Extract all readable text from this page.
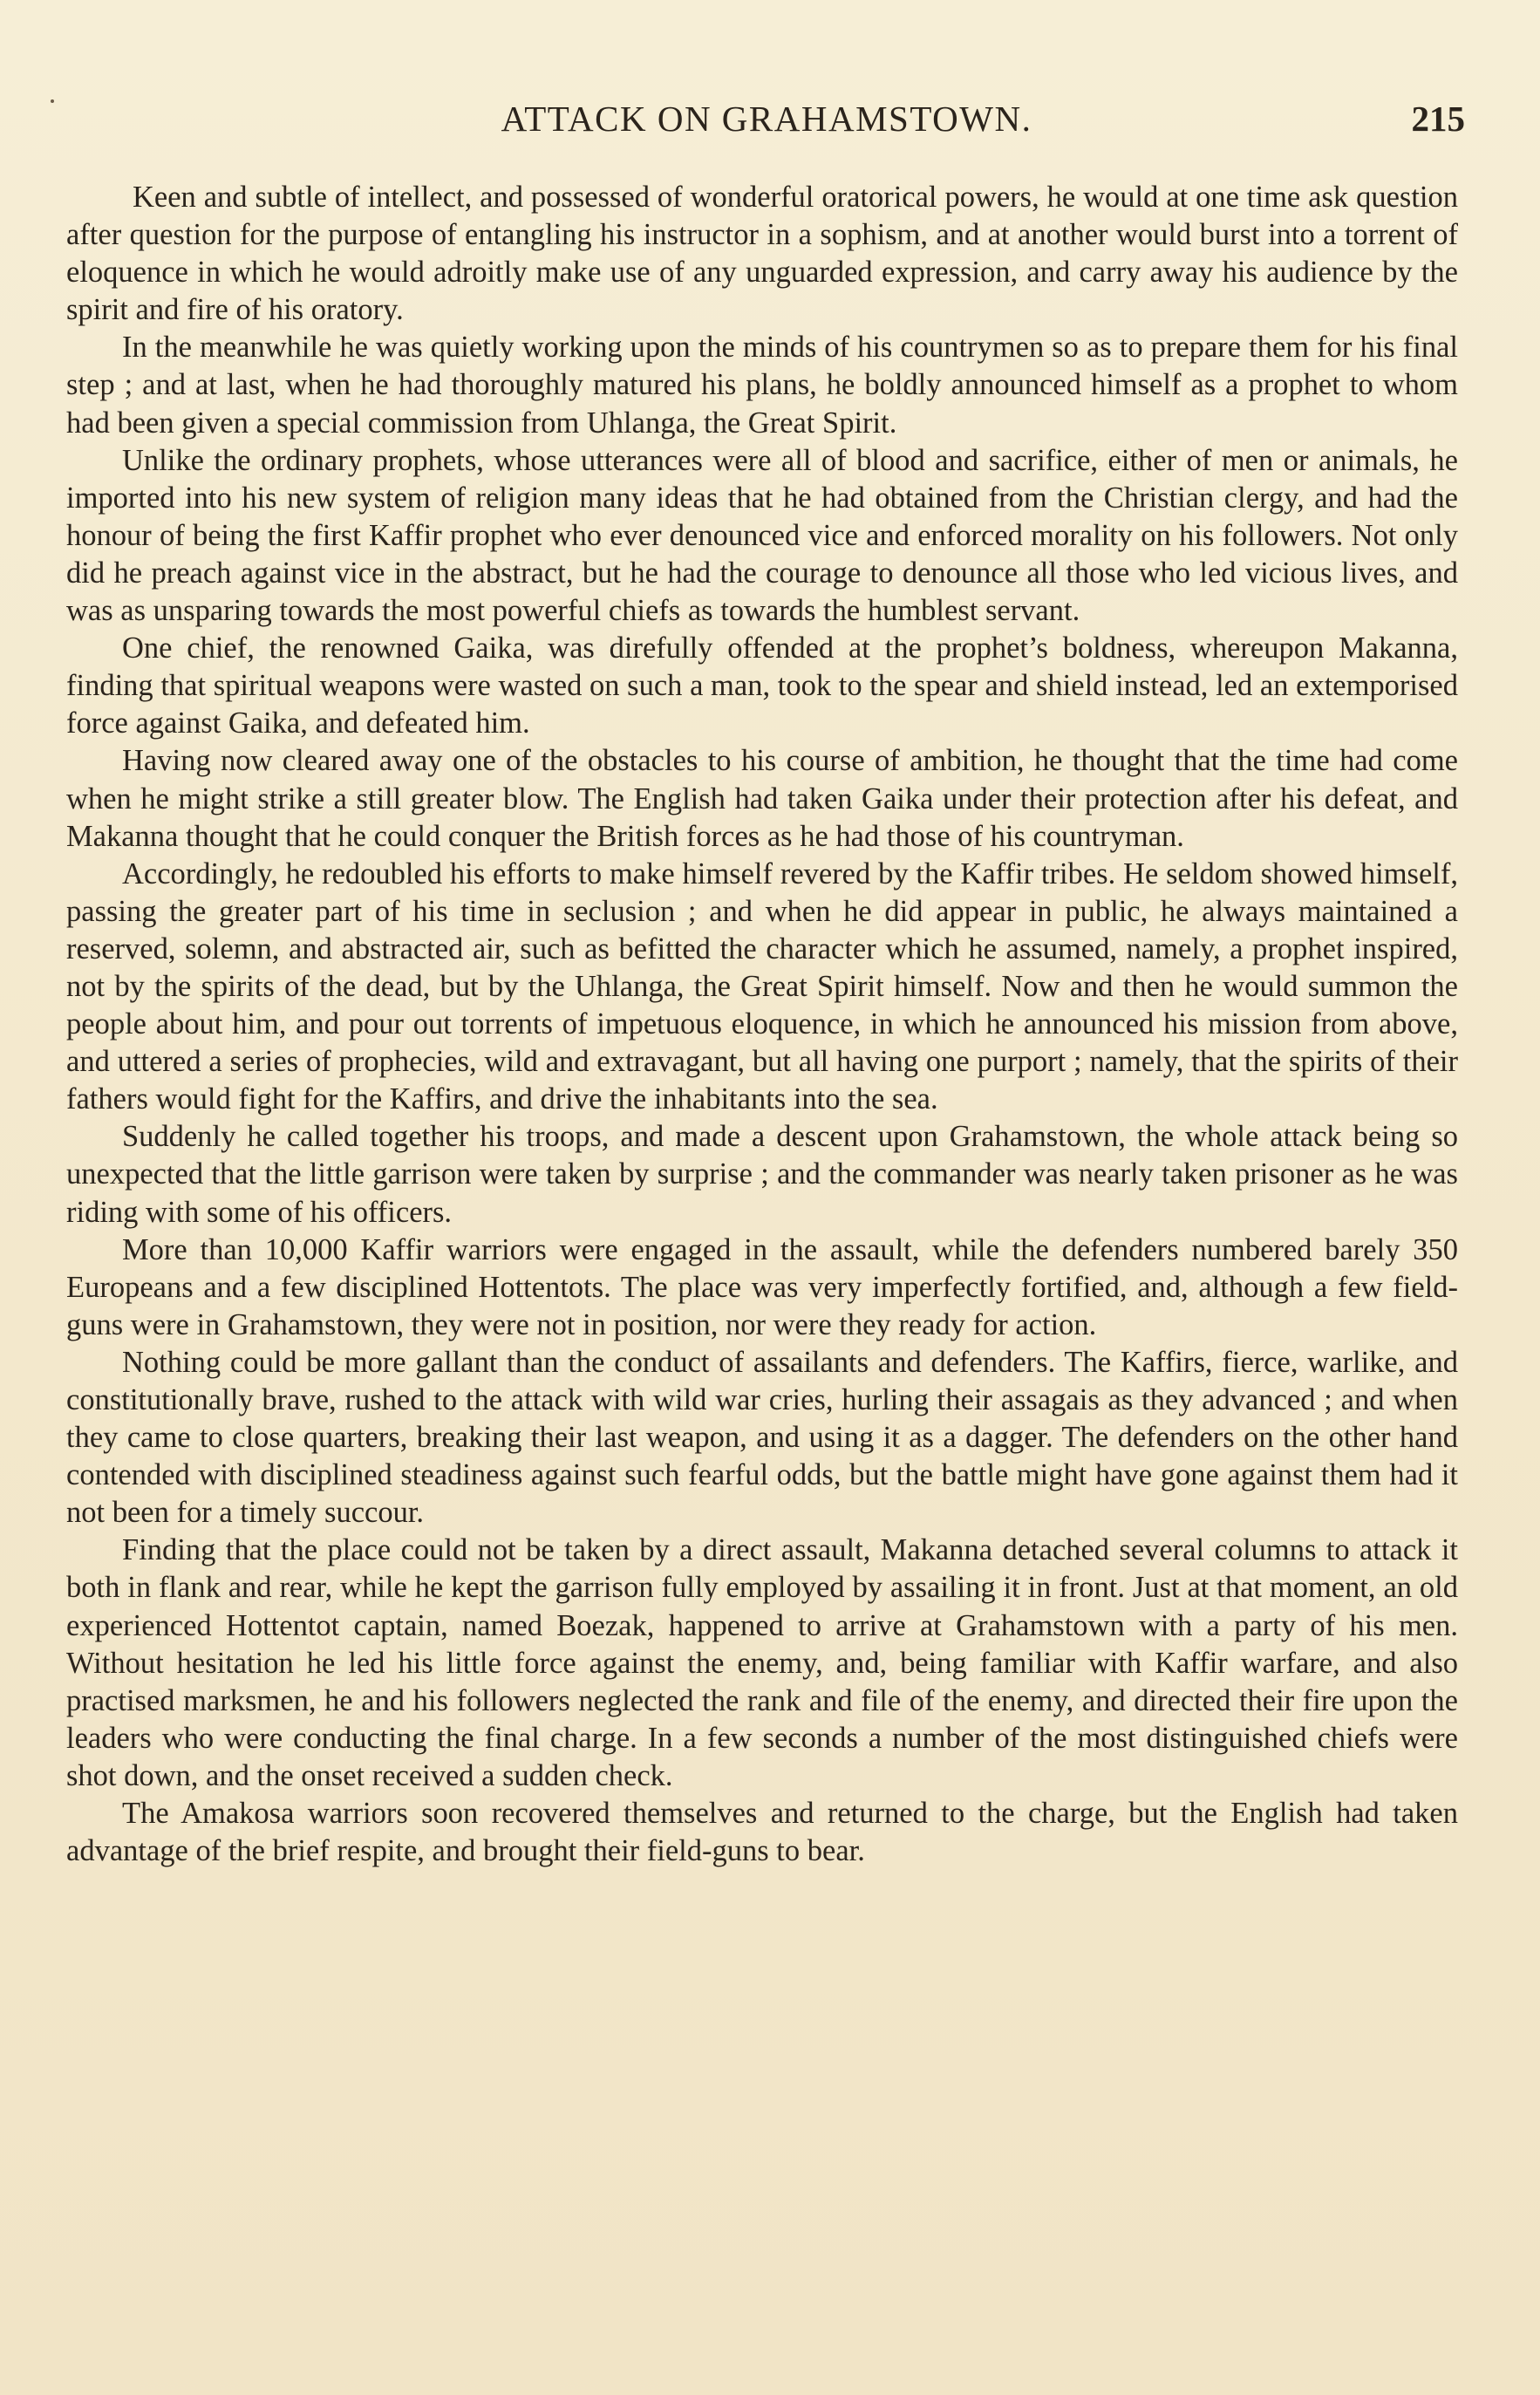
ATTACK ON GRAHAMSTOWN.	215

Keen and subtle of intellect, and possessed of wonderful oratorical powers, he would at one time ask question after question for the purpose of entangling his instructor in a sophism, and at another would burst into a torrent of eloquence in which he would adroitly make use of any unguarded expression, and carry away his audience by the spirit and fire of his oratory.

In the meanwhile he was quietly working upon the minds of his countrymen so as to prepare them for his final step ; and at last, when he had thoroughly matured his plans, he boldly announced himself as a prophet to whom had been given a special commission from Uhlanga, the Great Spirit.

Unlike the ordinary prophets, whose utterances were all of blood and sacrifice, either of men or animals, he imported into his new system of religion many ideas that he had obtained from the Christian clergy, and had the honour of being the first Kaffir prophet who ever denounced vice and enforced morality on his followers. Not only did he preach against vice in the abstract, but he had the courage to denounce all those who led vicious lives, and was as unsparing towards the most powerful chiefs as towards the humblest servant.

One chief, the renowned Gaika, was direfully offended at the prophet’s boldness, whereupon Makanna, finding that spiritual weapons were wasted on such a man, took to the spear and shield instead, led an extemporised force against Gaika, and defeated him.

Having now cleared away one of the obstacles to his course of ambition, he thought that the time had come when he might strike a still greater blow. The English had taken Gaika under their protection after his defeat, and Makanna thought that he could conquer the British forces as he had those of his countryman.

Accordingly, he redoubled his efforts to make himself revered by the Kaffir tribes. He seldom showed himself, passing the greater part of his time in seclusion ; and when he did appear in public, he always maintained a reserved, solemn, and abstracted air, such as befitted the character which he assumed, namely, a prophet inspired, not by the spirits of the dead, but by the Uhlanga, the Great Spirit himself. Now and then he would summon the people about him, and pour out torrents of impetuous eloquence, in which he announced his mission from above, and uttered a series of prophecies, wild and extravagant, but all having one purport ; namely, that the spirits of their fathers would fight for the Kaffirs, and drive the inhabitants into the sea.

Suddenly he called together his troops, and made a descent upon Grahamstown, the whole attack being so unexpected that the little garrison were taken by surprise ; and the commander was nearly taken prisoner as he was riding with some of his officers.

More than 10,000 Kaffir warriors were engaged in the assault, while the defenders numbered barely 350 Europeans and a few disciplined Hottentots. The place was very imperfectly fortified, and, although a few field-guns were in Grahamstown, they were not in position, nor were they ready for action.

Nothing could be more gallant than the conduct of assailants and defenders. The Kaffirs, fierce, warlike, and constitutionally brave, rushed to the attack with wild war cries, hurling their assagais as they advanced ; and when they came to close quarters, breaking their last weapon, and using it as a dagger. The defenders on the other hand contended with disciplined steadiness against such fearful odds, but the battle might have gone against them had it not been for a timely succour.

Finding that the place could not be taken by a direct assault, Makanna detached several columns to attack it both in flank and rear, while he kept the garrison fully employed by assailing it in front. Just at that moment, an old experienced Hottentot captain, named Boezak, happened to arrive at Grahamstown with a party of his men. Without hesitation he led his little force against the enemy, and, being familiar with Kaffir warfare, and also practised marksmen, he and his followers neglected the rank and file of the enemy, and directed their fire upon the leaders who were conducting the final charge. In a few seconds a number of the most distinguished chiefs were shot down, and the onset received a sudden check.

The Amakosa warriors soon recovered themselves and returned to the charge, but the English had taken advantage of the brief respite, and brought their field-guns to bear.
